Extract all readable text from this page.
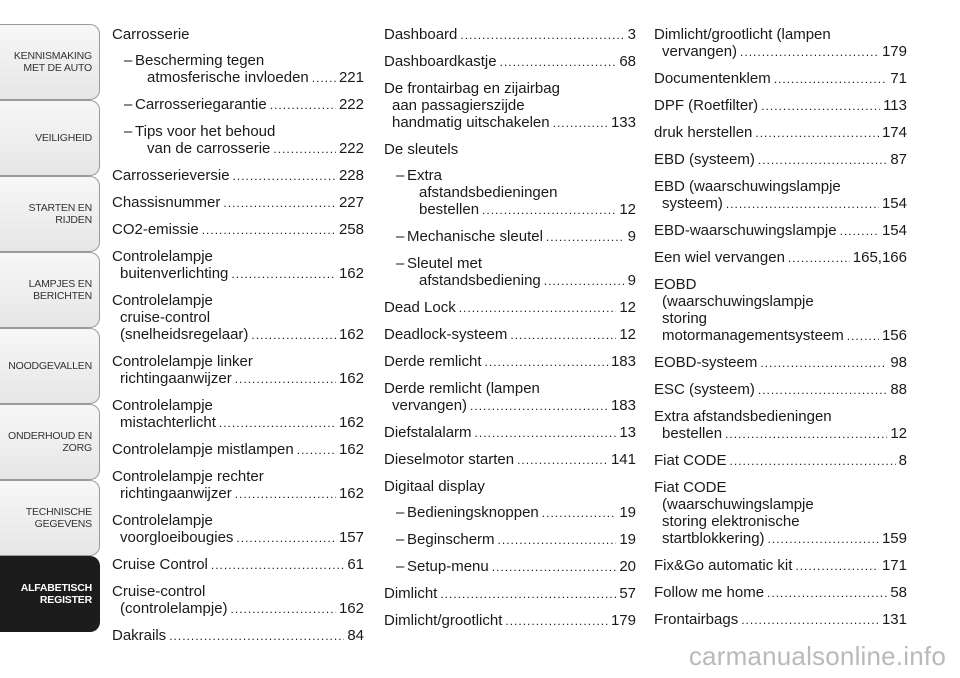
KENNISMAKING
MET DE AUTO
VEILIGHEID
STARTEN EN RIJDEN
LAMPJES EN
BERICHTEN
NOODGEVALLEN
ONDERHOUD EN
ZORG
TECHNISCHE
GEGEVENS
ALFABETISCH
REGISTER
Carrosserie
– Bescherming tegen
atmosferische invloeden ..... 221
– Carrosseriegarantie .....	222
– Tips voor het behoud
van de carrosserie .....	222
Carrosserieversie .....	228
Chassisnummer .....	227
CO2-emissie .....	258
Controlelampje
buitenverlichting .....	162
Controlelampje
cruise-control
(snelheidsregelaar) .....	162
Controlelampje linker
richtingaanwijzer .....	162
Controlelampje
mistachterlicht .....	162
Controlelampje mistlampen .....	162
Controlelampje rechter
richtingaanwijzer .....	162
Controlelampje
voorgloeibougies .....	157
Cruise Control .....	61
Cruise-control
(controlelampje) .....	162
Dakrails .....	84
Dashboard .....	3
Dashboardkastje .....	68
De frontairbag en zijairbag
aan passagierszijde
handmatig uitschakelen .....	133
De sleutels
– Extra
afstandsbedieningen
bestellen .....	12
– Mechanische sleutel .....	9
– Sleutel met
afstandsbediening .....	9
Dead Lock .....	12
Deadlock-systeem .....	12
Derde remlicht .....	183
Derde remlicht (lampen
vervangen) .....	183
Diefstalalarm .....	13
Dieselmotor starten .....	141
Digitaal display
– Bedieningsknoppen .....	19
– Beginscherm .....	19
– Setup-menu .....	20
Dimlicht .....	57
Dimlicht/grootlicht .....	179
Dimlicht/grootlicht (lampen
vervangen) .....	179
Documentenklem .....	71
DPF (Roetfilter) .....	113
druk herstellen .....	174
EBD (systeem) .....	87
EBD (waarschuwingslampje
systeem) .....	154
EBD-waarschuwingslampje .....	154
Een wiel vervangen .....	165,166
EOBD
(waarschuwingslampje
storing
motormanagementsysteem .....	156
EOBD-systeem .....	98
ESC (systeem) .....	88
Extra afstandsbedieningen
bestellen .....	12
Fiat CODE .....	8
Fiat CODE
(waarschuwingslampje
storing elektronische
startblokkering) .....	159
Fix&Go automatic kit .....	171
Follow me home .....	58
Frontairbags .....	131
carmanualsonline.info
